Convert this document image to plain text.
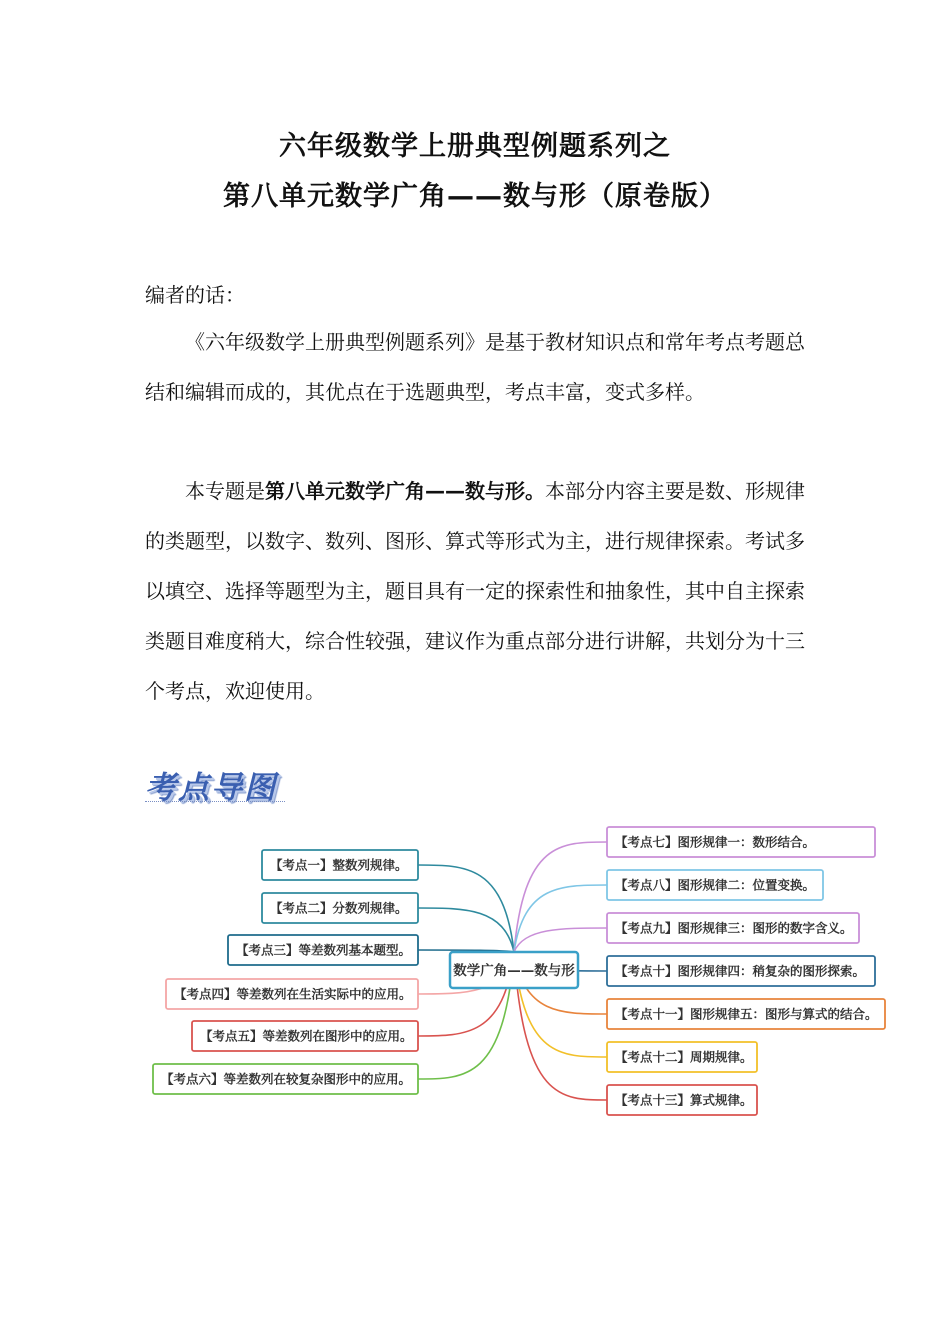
六年级数学上册典型例题系列之
第八单元数学广角——数与形（原卷版）
编者的话：
《六年级数学上册典型例题系列》是基于教材知识点和常年考点考题总结和编辑而成的，其优点在于选题典型，考点丰富，变式多样。
本专题是第八单元数学广角——数与形。本部分内容主要是数、形规律的类题型，以数字、数列、图形、算式等形式为主，进行规律探索。考试多以填空、选择等题型为主，题目具有一定的探索性和抽象性，其中自主探索类题目难度稍大，综合性较强，建议作为重点部分进行讲解，共划分为十三个考点，欢迎使用。
考点导图
【考点一】整数列规律。
【考点二】分数列规律。
【考点三】等差数列基本题型。
【考点四】等差数列在生活实际中的应用。
【考点五】等差数列在图形中的应用。
【考点六】等差数列在较复杂图形中的应用。
【考点七】图形规律一：数形结合。
【考点八】图形规律二：位置变换。
【考点九】图形规律三：图形的数字含义。
【考点十】图形规律四：稍复杂的图形探索。
【考点十一】图形规律五：图形与算式的结合。
【考点十二】周期规律。
【考点十三】算式规律。
数学广角——数与形
